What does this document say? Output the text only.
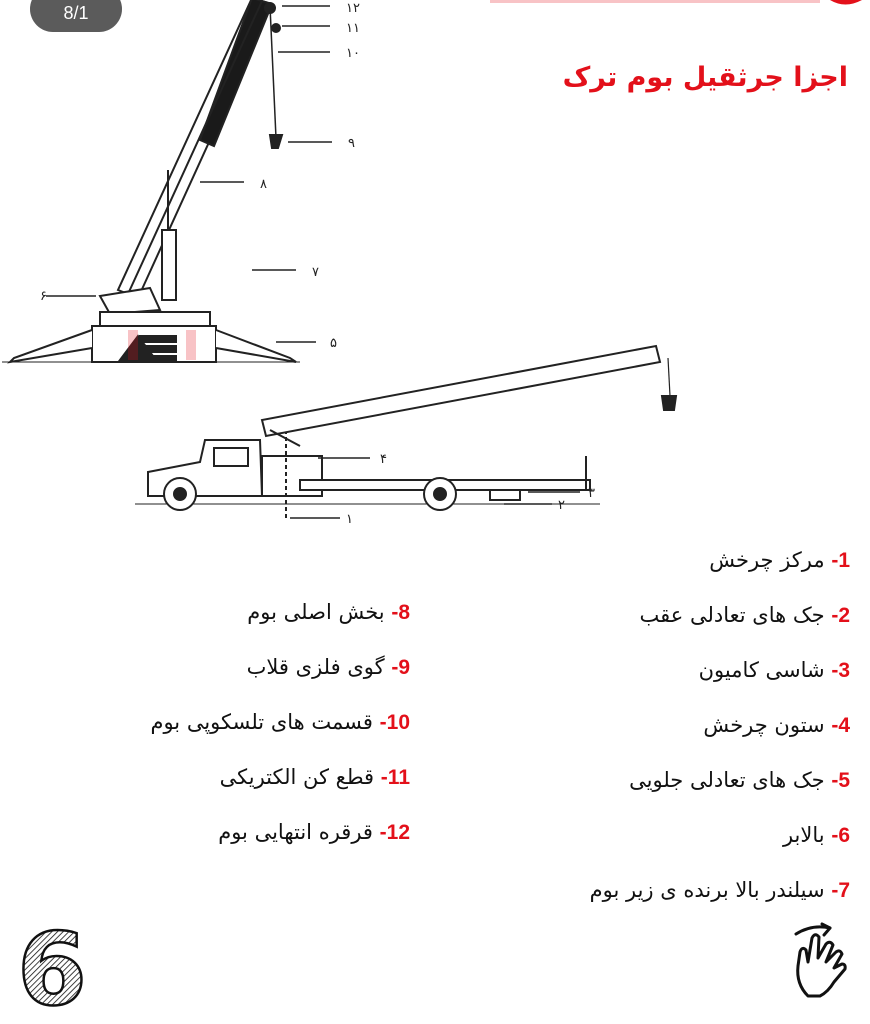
8/1
اجزا جرثقیل بوم ترک
۱۲
۱۱
۱۰
۹
۸
۷
۶
۵
۴
۳
۲
۱
1- مرکز چرخش
2- جک های تعادلی عقب
3- شاسی کامیون
4- ستون چرخش
5- جک های تعادلی جلویی
6- بالابر
7- سیلندر بالا برنده ی زیر بوم
8- بخش اصلی بوم
9- گوی فلزی قلاب
10- قسمت های تلسکوپی بوم
11- قطع کن الکتریکی
12- قرقره انتهایی بوم
6
